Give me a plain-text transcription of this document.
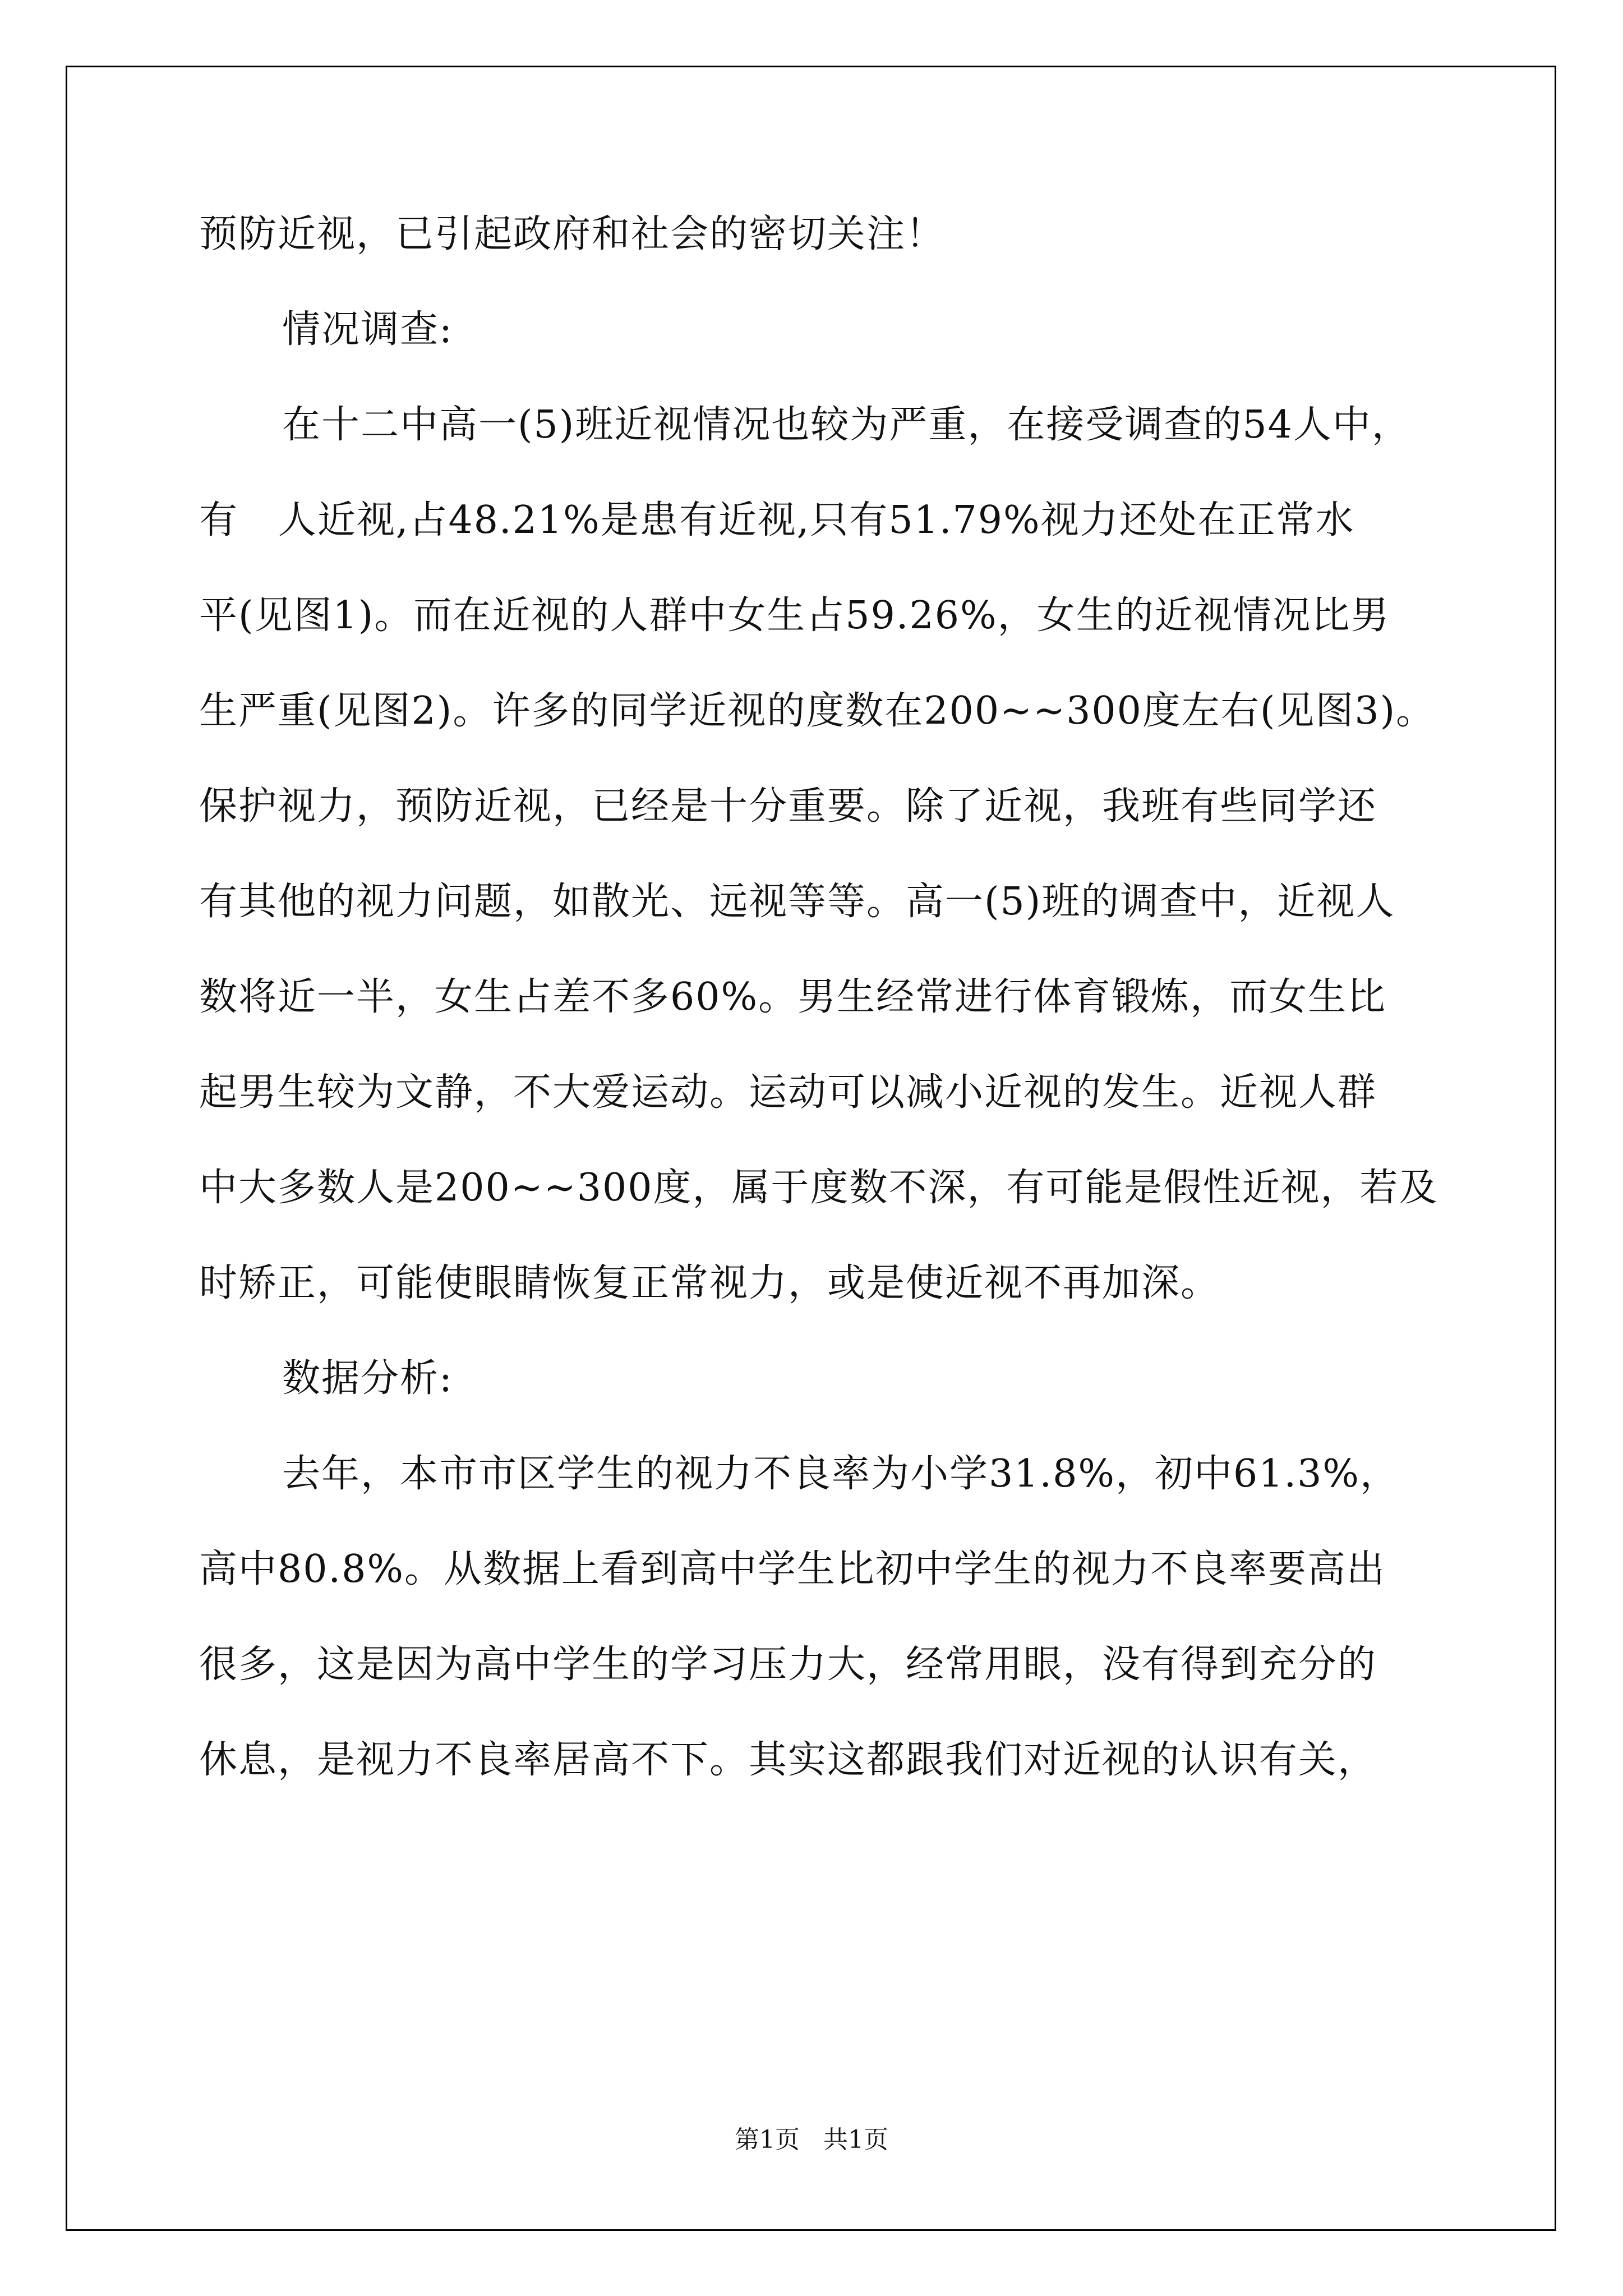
预防近视，已引起政府和社会的密切关注！
情况调查:
在十二中高一(5)班近视情况也较为严重，在接受调查的54人中，
有   人近视,占48.21%是患有近视,只有51.79%视力还处在正常水
平(见图1)。而在近视的人群中女生占59.26%，女生的近视情况比男
生严重(见图2)。许多的同学近视的度数在200~~300度左右(见图3)。
保护视力，预防近视，已经是十分重要。除了近视，我班有些同学还
有其他的视力问题，如散光、远视等等。高一(5)班的调查中，近视人
数将近一半，女生占差不多60%。男生经常进行体育锻炼，而女生比
起男生较为文静，不大爱运动。运动可以减小近视的发生。近视人群
中大多数人是200~~300度，属于度数不深，有可能是假性近视，若及
时矫正，可能使眼睛恢复正常视力，或是使近视不再加深。
数据分析:
去年，本市市区学生的视力不良率为小学31.8%，初中61.3%，
高中80.8%。从数据上看到高中学生比初中学生的视力不良率要高出
很多，这是因为高中学生的学习压力大，经常用眼，没有得到充分的
休息，是视力不良率居高不下。其实这都跟我们对近视的认识有关，
第1页   共1页
